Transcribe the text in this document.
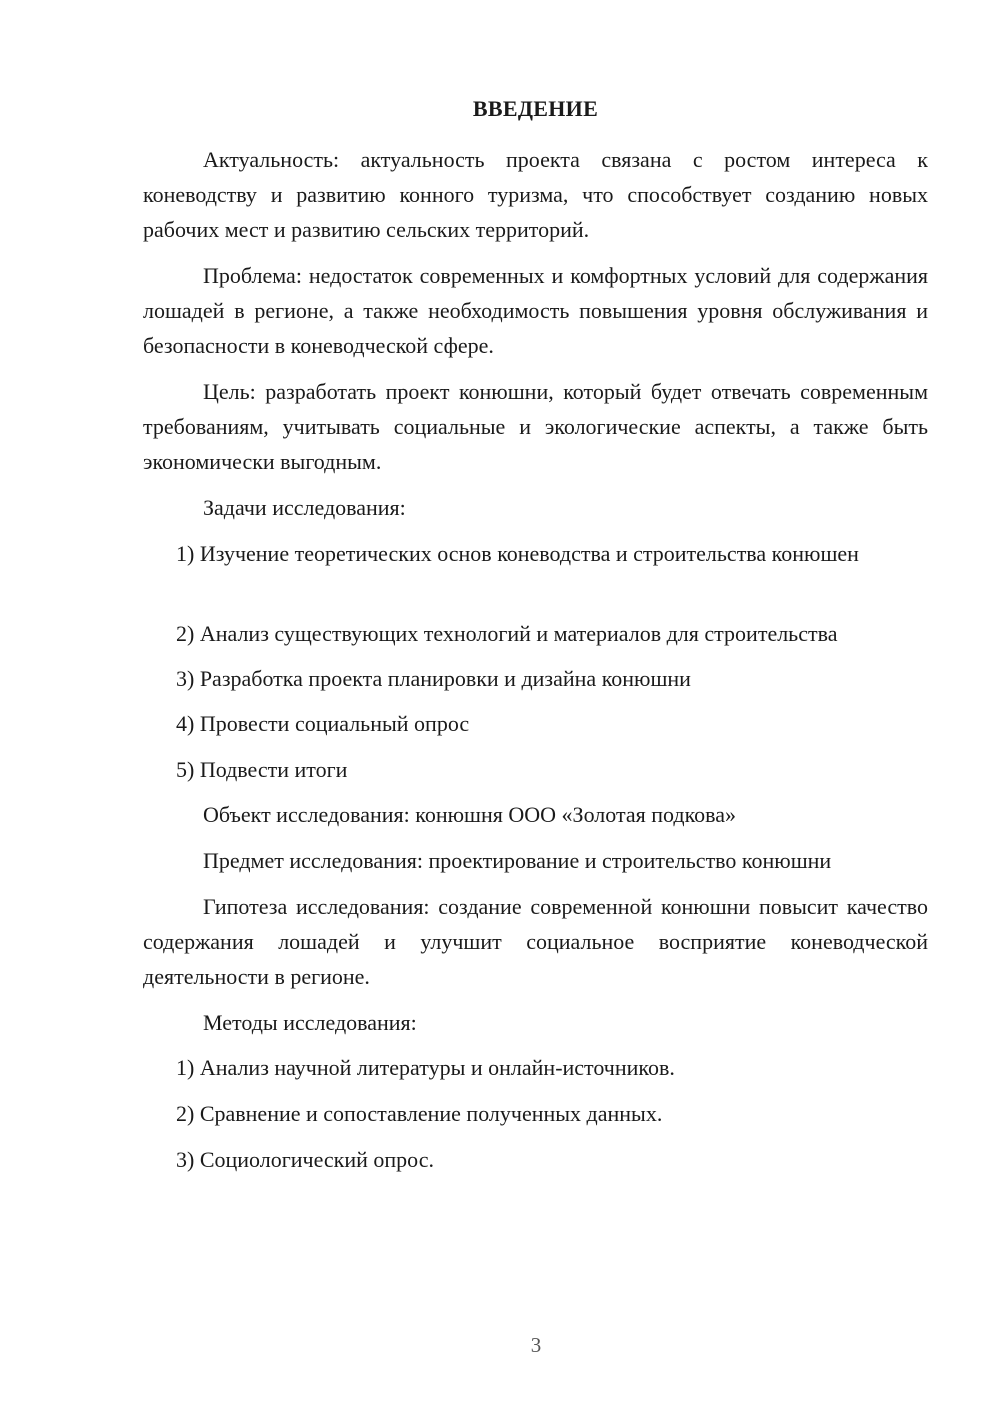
ВВЕДЕНИЕ

Актуальность: актуальность проекта связана с ростом интереса к коневодству и развитию конного туризма, что способствует созданию новых рабочих мест и развитию сельских территорий.

Проблема: недостаток современных и комфортных условий для содержания лошадей в регионе, а также необходимость повышения уровня обслуживания и безопасности в коневодческой сфере.

Цель: разработать проект конюшни, который будет отвечать современным требованиям, учитывать социальные и экологические аспекты, а также быть экономически выгодным.

Задачи исследования:

1) Изучение теоретических основ коневодства и строительства конюшен

2) Анализ существующих технологий и материалов для строительства
3) Разработка проекта планировки и дизайна конюшни
4) Провести социальный опрос
5) Подвести итоги
Объект исследования: конюшня ООО «Золотая подкова»
Предмет исследования: проектирование и строительство конюшни

Гипотеза исследования: создание современной конюшни повысит качество содержания лошадей и улучшит социальное восприятие коневодческой деятельности в регионе.

Методы исследования:
1) Анализ научной литературы и онлайн-источников.
2) Сравнение и сопоставление полученных данных.
3) Социологический опрос.
3
